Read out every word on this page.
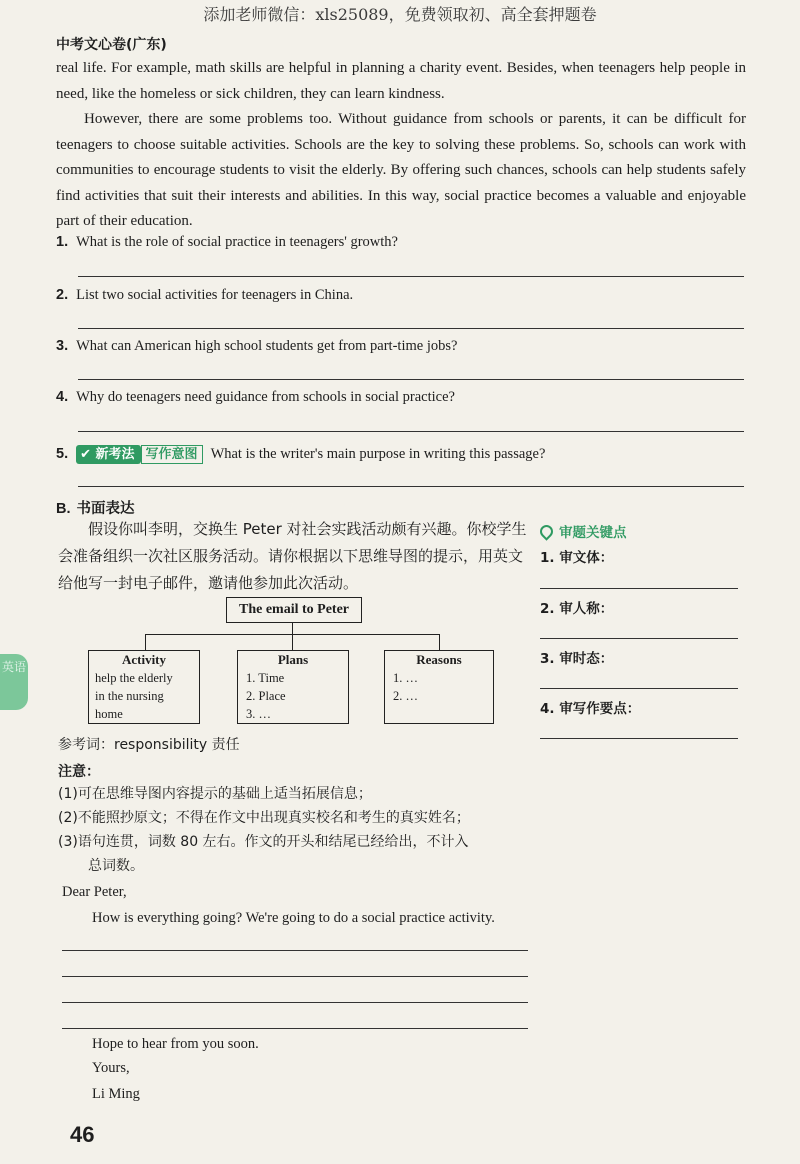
添加老师微信：xls25089，免费领取初、高全套押题卷
中考文心卷(广东)

real life. For example, math skills are helpful in planning a charity event. Besides, when teenagers help people in need, like the homeless or sick children, they can learn kindness.

However, there are some problems too. Without guidance from schools or parents, it can be difficult for teenagers to choose suitable activities. Schools are the key to solving these problems. So, schools can work with communities to encourage students to visit the elderly. By offering such chances, schools can help students safely find activities that suit their interests and abilities. In this way, social practice becomes a valuable and enjoyable part of their education.

1. What is the role of social practice in teenagers' growth?
2. List two social activities for teenagers in China.
3. What can American high school students get from part-time jobs?
4. Why do teenagers need guidance from schools in social practice?
5. ✔ 新考法 写作意图 What is the writer's main purpose in writing this passage?
B. 书面表达

假设你叫李明，交换生 Peter 对社会实践活动颇有兴趣。你校学生会准备组织一次社区服务活动。请你根据以下思维导图的提示，用英文给他写一封电子邮件，邀请他参加此次活动。

审题关键点
1. 审文体：
2. 审人称：
3. 审时态：
4. 审写作要点：
The email to Peter
Activity
help the elderly
in the nursing
home
Plans
1. Time
2. Place
3. …
Reasons
1. …
2. …
参考词：responsibility 责任
注意：
(1)可在思维导图内容提示的基础上适当拓展信息；
(2)不能照抄原文；不得在作文中出现真实校名和考生的真实姓名；
(3)语句连贯，词数 80 左右。作文的开头和结尾已经给出，不计入
总词数。
Dear Peter,
How is everything going? We're going to do a social practice activity.
Hope to hear from you soon.
Yours,
Li Ming
英语
46
